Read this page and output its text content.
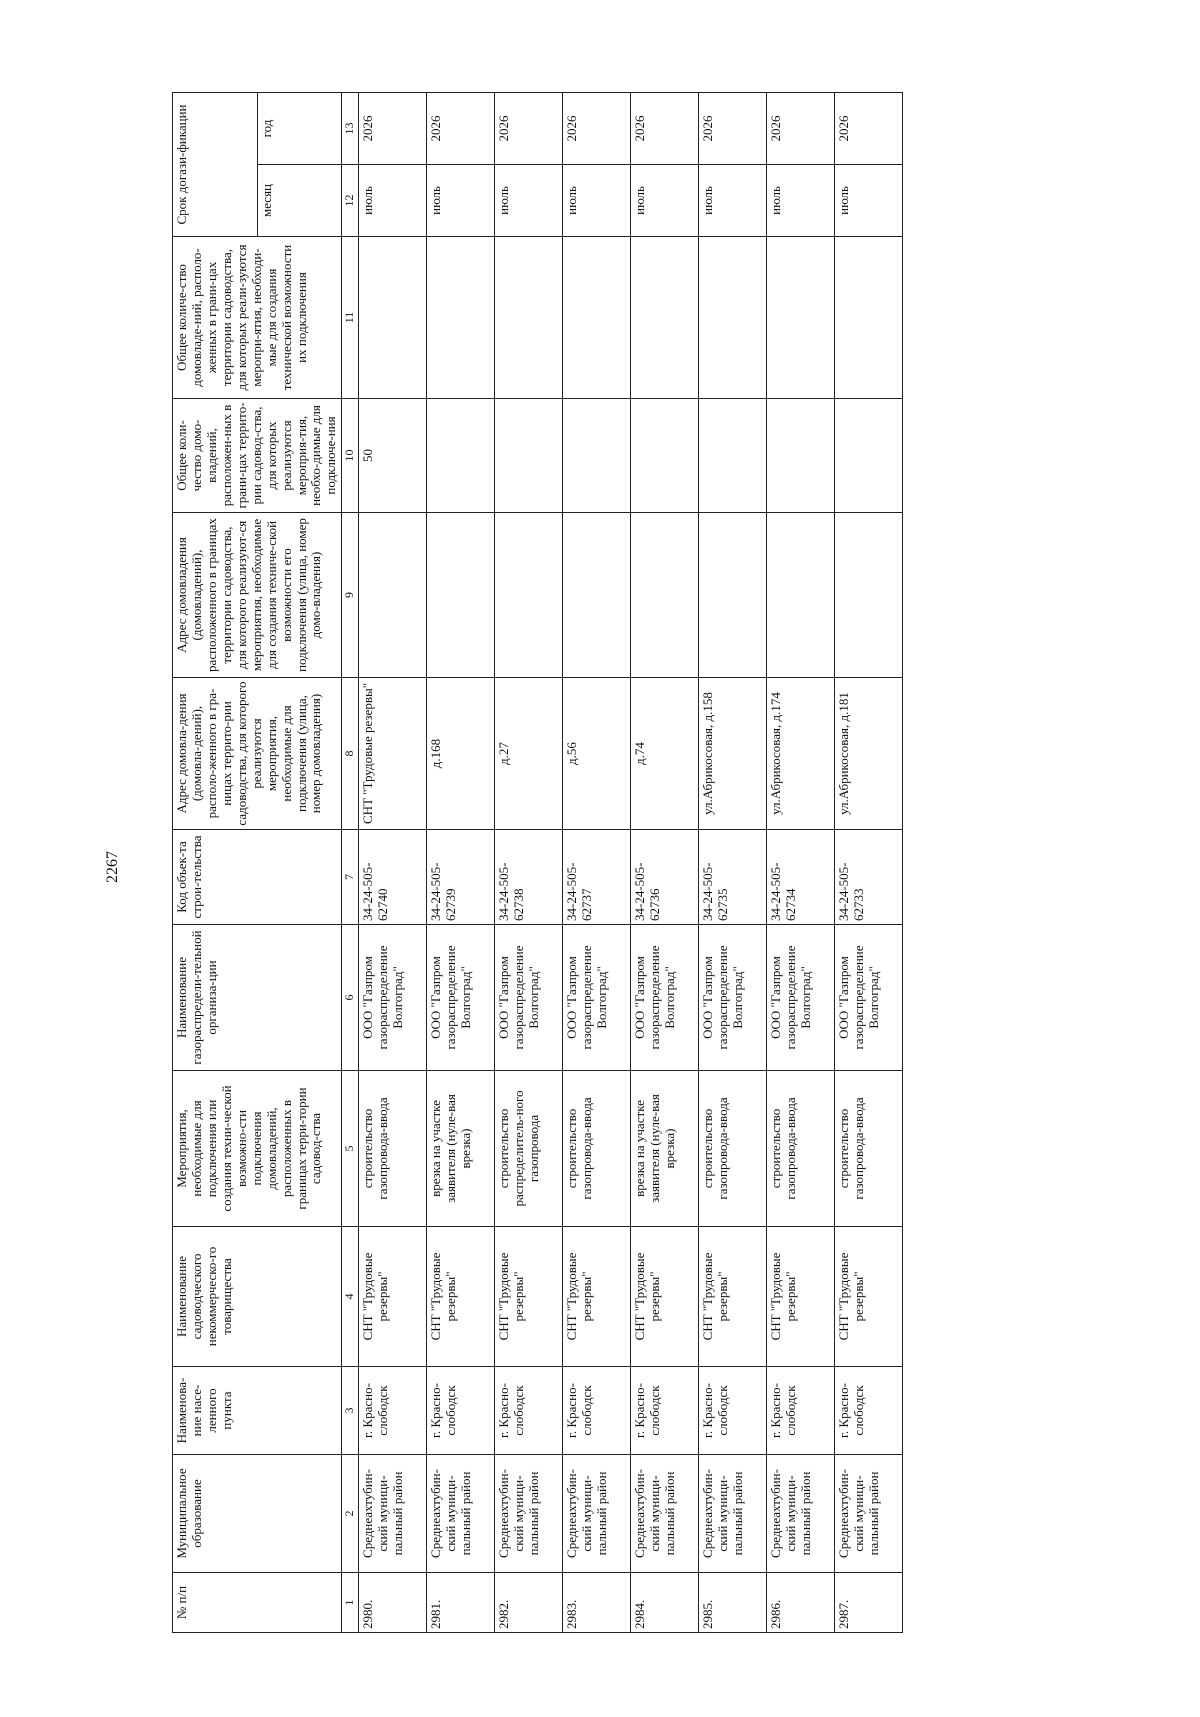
2267
№ п/п	Муниципальное образование	Наименова-ние насе-ленного пункта	Наименование садоводческого некоммерческо-го товарищества	Мероприятия, необходимые для подключения или создания техни-ческой возможно-сти подключения домовладений, расположенных в границах терри-тории садовод-ства	Наименование газораспредели-тельной организа-ции	Код объек-та строи-тельства	Адрес домовла-дения (домовла-дений), располо-женного в гра-ницах террито-рии садоводства, для которого реализуются мероприятия, необходимые для подключения (улица, номер домовладения)	Адрес домовладения (домовладений), расположенного в границах территории садоводства, для которого реализуют-ся мероприятия, необходимые для создания техниче-ской возможности его подключения (улица, номер домо-владения)	Общее коли-чество домо-владений, расположен-ных в грани-цах террито-рии садовод-ства, для которых реализуются мероприя-тия, необхо-димые для подключе-ния	Общее количе-ство домовладе-ний, располо-женных в грани-цах территории садоводства, для которых реали-зуются меропри-ятия, необходи-мые для создания технической возможности их подключения	Срок догази-фикации	
											месяц	год
1	2	3	4	5	6	7	8	9	10	11	12	13
2980.	Среднеахтубин-ский муници-пальный район	г. Красно-слободск	СНТ "Трудовые резервы"	строительство газопровода-ввода	ООО "Газпром газораспределение Волгоград"	34-24-505-62740	СНТ "Трудовые резервы"		50		июль	2026
2981.	Среднеахтубин-ский муници-пальный район	г. Красно-слободск	СНТ "Трудовые резервы"	врезка на участке заявителя (нуле-вая врезка)	ООО "Газпром газораспределение Волгоград"	34-24-505-62739	д.168				июль	2026
2982.	Среднеахтубин-ский муници-пальный район	г. Красно-слободск	СНТ "Трудовые резервы"	строительство распределитель-ного газопровода	ООО "Газпром газораспределение Волгоград"	34-24-505-62738	д.27				июль	2026
2983.	Среднеахтубин-ский муници-пальный район	г. Красно-слободск	СНТ "Трудовые резервы"	строительство газопровода-ввода	ООО "Газпром газораспределение Волгоград"	34-24-505-62737	д.56				июль	2026
2984.	Среднеахтубин-ский муници-пальный район	г. Красно-слободск	СНТ "Трудовые резервы"	врезка на участке заявителя (нуле-вая врезка)	ООО "Газпром газораспределение Волгоград"	34-24-505-62736	д.74				июль	2026
2985.	Среднеахтубин-ский муници-пальный район	г. Красно-слободск	СНТ "Трудовые резервы"	строительство газопровода-ввода	ООО "Газпром газораспределение Волгоград"	34-24-505-62735	ул.Абрикосовая, д.158				июль	2026
2986.	Среднеахтубин-ский муници-пальный район	г. Красно-слободск	СНТ "Трудовые резервы"	строительство газопровода-ввода	ООО "Газпром газораспределение Волгоград"	34-24-505-62734	ул.Абрикосовая, д.174				июль	2026
2987.	Среднеахтубин-ский муници-пальный район	г. Красно-слободск	СНТ "Трудовые резервы"	строительство газопровода-ввода	ООО "Газпром газораспределение Волгоград"	34-24-505-62733	ул.Абрикосовая, д.181				июль	2026
